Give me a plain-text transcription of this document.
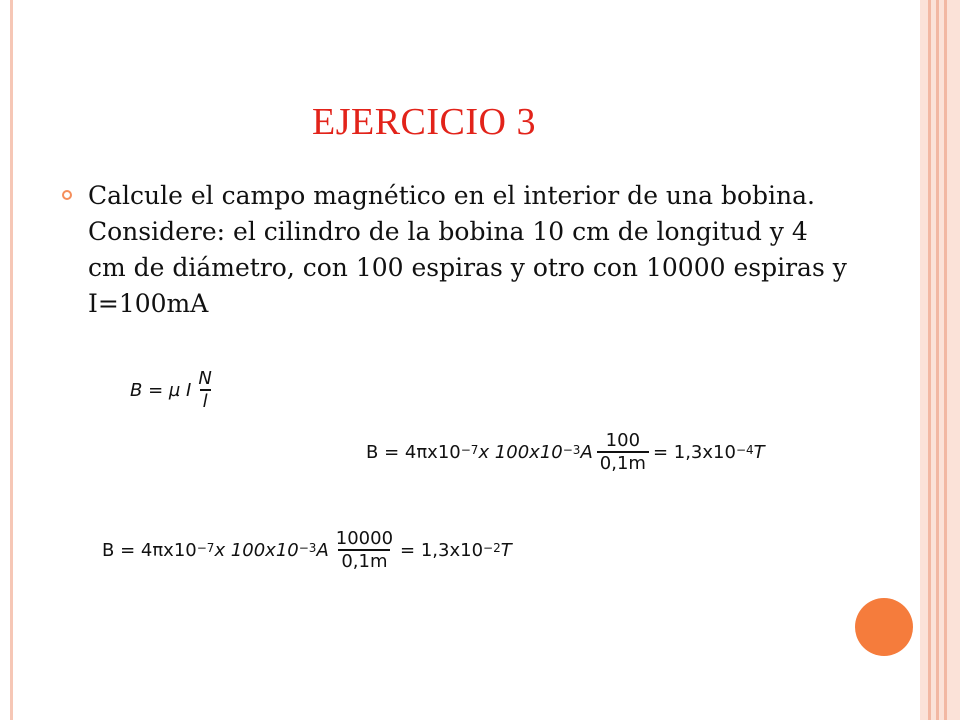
EJERCICIO 3
Calcule el campo magnético en el interior de una bobina. Considere: el cilindro de la bobina 10 cm de longitud y 4 cm de diámetro, con 100 espiras y otro con 10000 espiras y I=100mA
B = µ I $\frac{N}{l}$
$B = 4\pi x10^{-7}$ x $100x10^{-3}$ A $\frac{100}{0,1m} = 1,3x10^{-4}$ T
$B = 4\pi x10^{-7}$ x $100x10^{-3}$ A $\frac{10000}{0,1m} = 1,3x10^{-2}$ T
